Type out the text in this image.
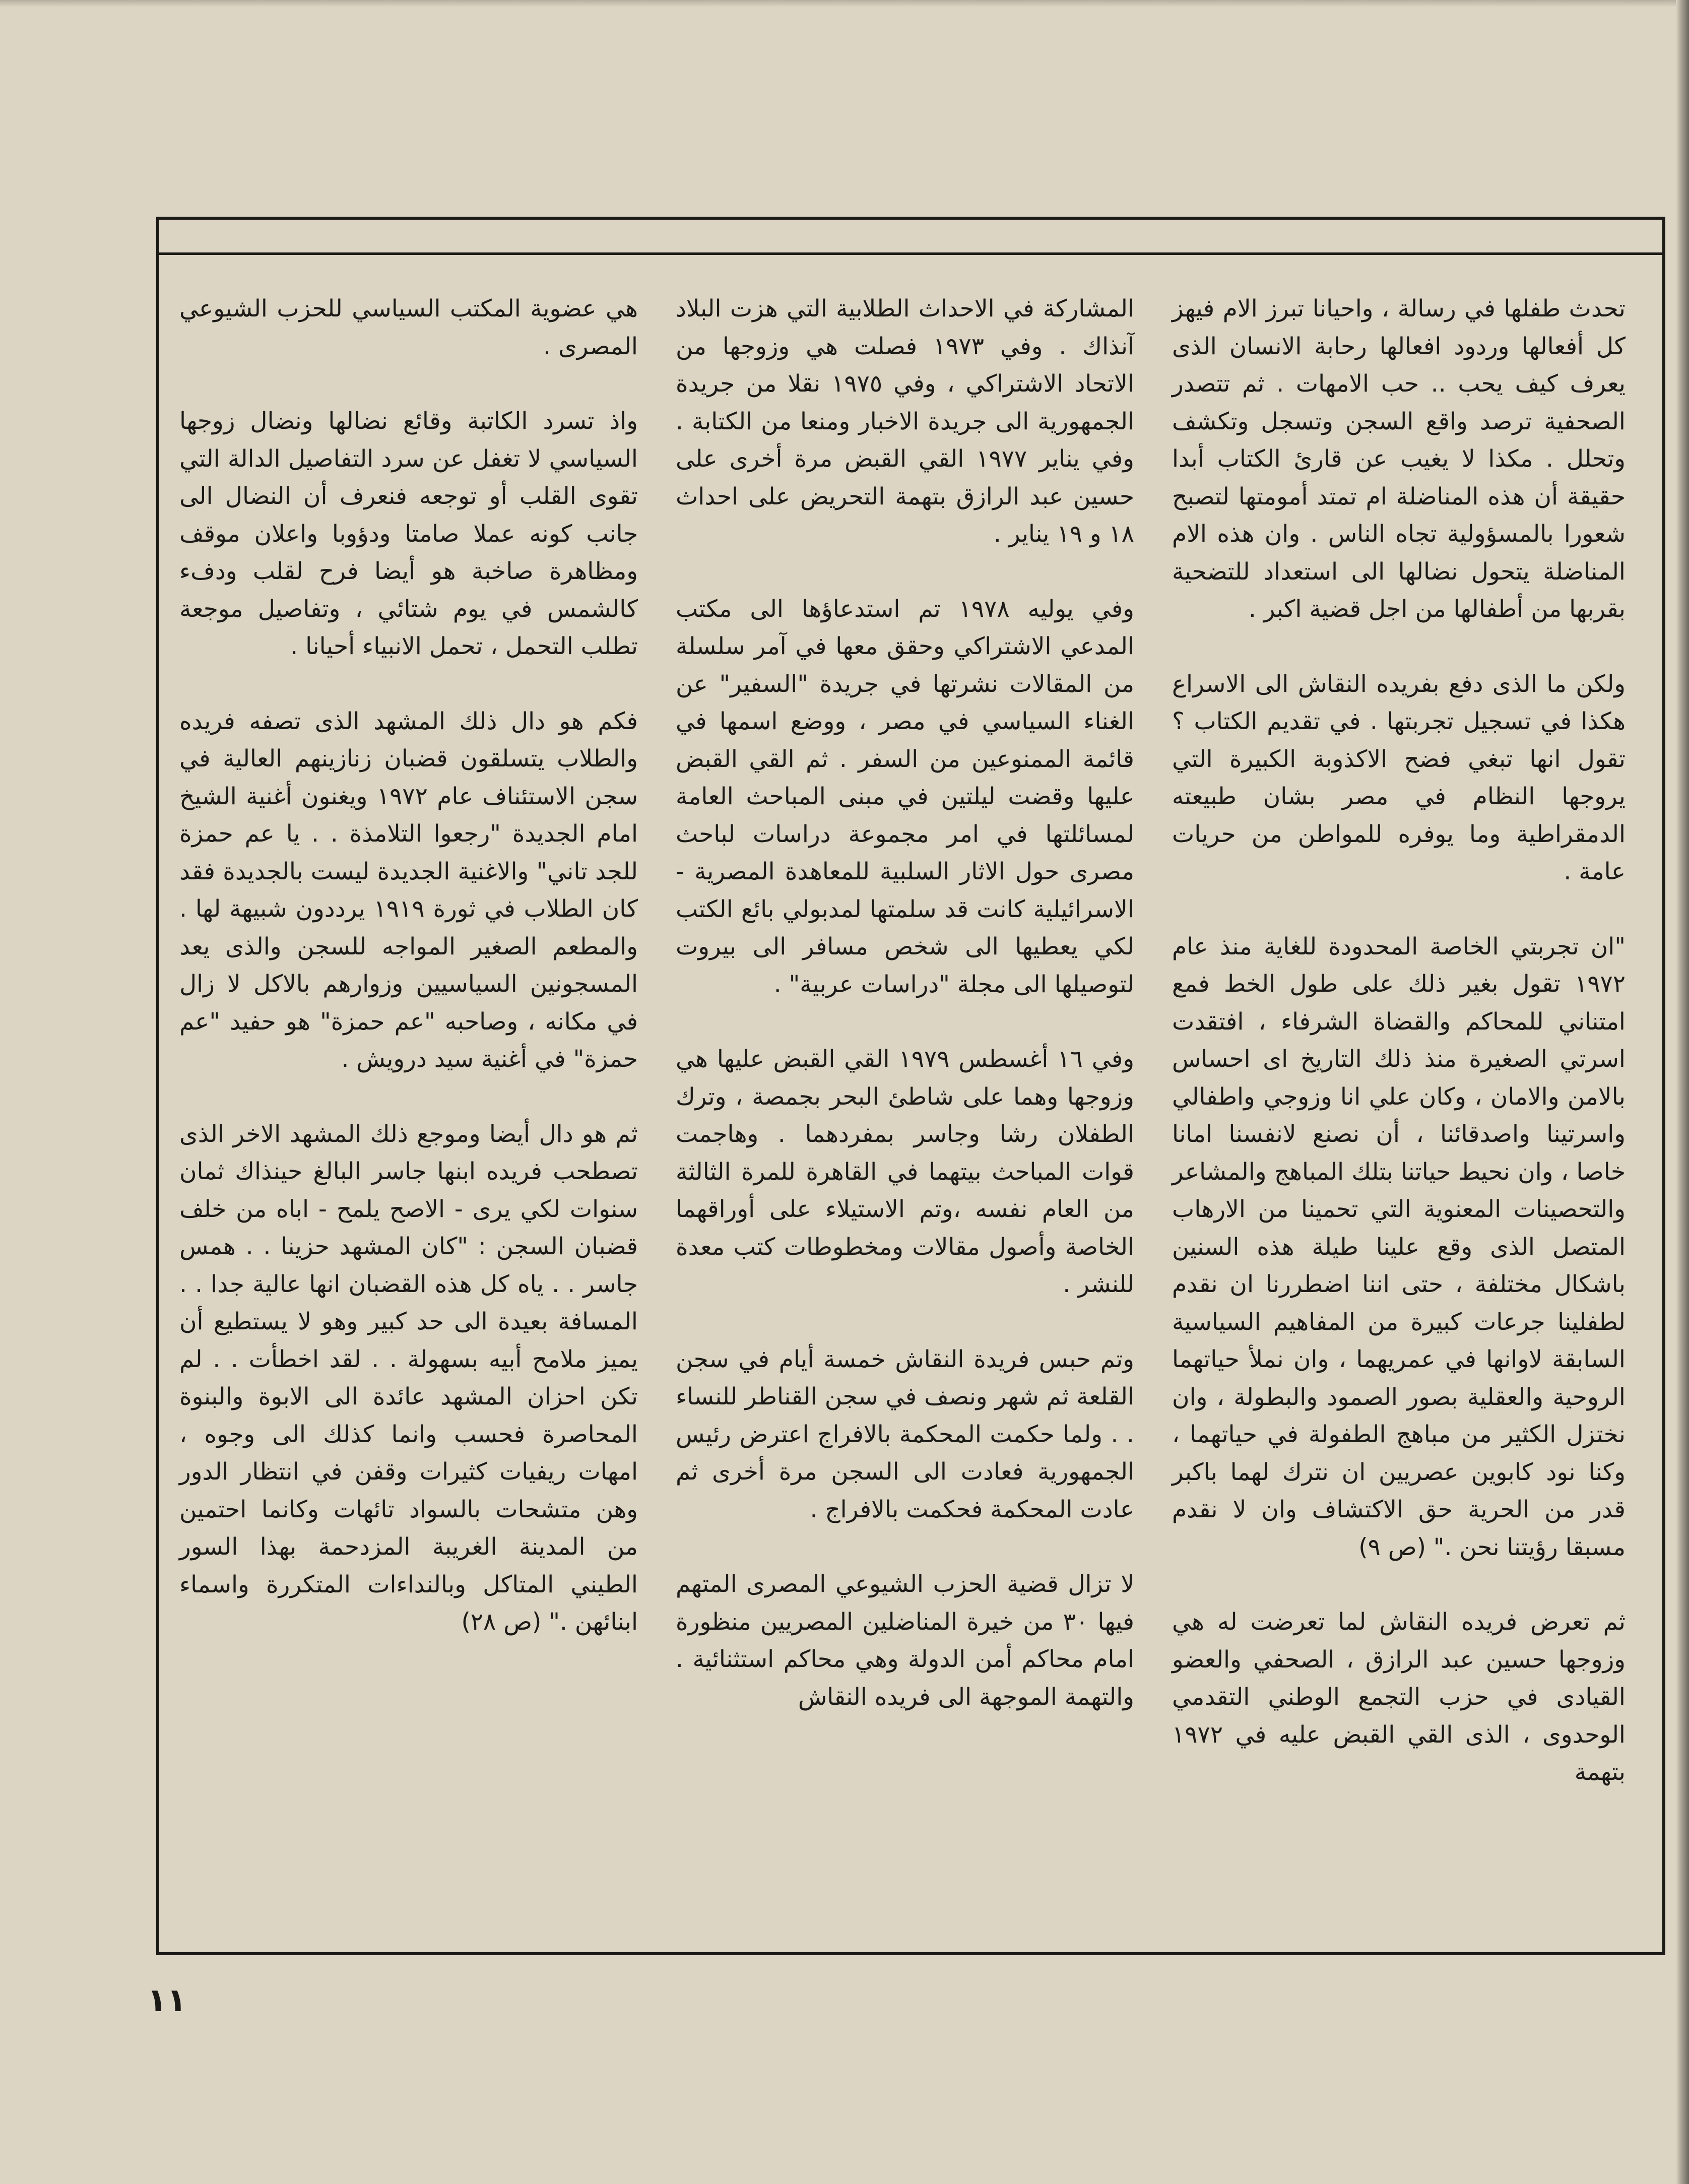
تحدث طفلها في رسالة ، واحيانا تبرز الام فيهز كل أفعالها وردود افعالها رحابة الانسان الذى يعرف كيف يحب .. حب الامهات . ثم تتصدر الصحفية ترصد واقع السجن وتسجل وتكشف وتحلل . مكذا لا يغيب عن قارئ الكتاب أبدا حقيقة أن هذه المناضلة ام تمتد أمومتها لتصبح شعورا بالمسؤولية تجاه الناس . وان هذه الام المناضلة يتحول نضالها الى استعداد للتضحية بقربها من أطفالها من اجل قضية اكبر .

ولكن ما الذى دفع بفريده النقاش الى الاسراع هكذا في تسجيل تجربتها . في تقديم الكتاب ؟تقول انها تبغي فضح الاكذوبة الكبيرة التي يروجها النظام في مصر بشان طبيعته الدمقراطية وما يوفره للمواطن من حريات عامة .

"ان تجربتي الخاصة المحدودة للغاية منذ عام ١٩٧٢ تقول بغير ذلك على طول الخط فمع امتناني للمحاكم والقضاة الشرفاء ، افتقدت اسرتي الصغيرة منذ ذلك التاريخ اى احساس بالامن والامان ، وكان علي انا وزوجي واطفالي واسرتينا واصدقائنا ، أن نصنع لانفسنا امانا خاصا ، وان نحيط حياتنا بتلك المباهج والمشاعر والتحصينات المعنوية التي تحمينا من الارهاب المتصل الذى وقع علينا طيلة هذه السنين باشكال مختلفة ، حتى اننا اضطررنا ان نقدم لطفلينا جرعات كبيرة من المفاهيم السياسية السابقة لاوانها في عمريهما ، وان نملأ حياتهما الروحية والعقلية بصور الصمود والبطولة ، وان نختزل الكثير من مباهج الطفولة في حياتهما ، وكنا نود كابوين عصريين ان نترك لهما باكبر قدر من الحرية حق الاكتشاف وان لا نقدم مسبقا رؤيتنا نحن ." (ص ٩)

ثم تعرض فريده النقاش لما تعرضت له هي وزوجها حسين عبد الرازق ، الصحفي والعضو القيادى في حزب التجمع الوطني التقدمي الوحدوى ، الذى القي القبض عليه في ١٩٧٢ بتهمة

المشاركة في الاحداث الطلابية التي هزت البلاد آنذاك . وفي ١٩٧٣ فصلت هي وزوجها من الاتحاد الاشتراكي ، وفي ١٩٧٥ نقلا من جريدة الجمهورية الى جريدة الاخبار ومنعا من الكتابة . وفي يناير ١٩٧٧ القي القبض مرة أخرى على حسين عبد الرازق بتهمة التحريض على احداث ١٨ و ١٩ يناير .

وفي يوليه ١٩٧٨ تم استدعاؤها الى مكتب المدعي الاشتراكي وحقق معها في آمر سلسلة من المقالات نشرتها في جريدة "السفير" عن الغناء السياسي في مصر ، ووضع اسمها في قائمة الممنوعين من السفر . ثم القي القبض عليها وقضت ليلتين في مبنى المباحث العامة لمسائلتها في امر مجموعة دراسات لباحث مصرى حول الاثار السلبية للمعاهدة المصرية - الاسرائيلية كانت قد سلمتها لمدبولي بائع الكتب لكي يعطيها الى شخص مسافر الى بيروت لتوصيلها الى مجلة "دراسات عربية" .

وفي ١٦ أغسطس ١٩٧٩ القي القبض عليها هي وزوجها وهما على شاطئ البحر بجمصة ، وترك الطفلان رشا وجاسر بمفردهما . وهاجمت قوات المباحث بيتهما في القاهرة للمرة الثالثة من العام نفسه ،وتم الاستيلاء على أوراقهما الخاصة وأصول مقالات ومخطوطات كتب معدة للنشر .

وتم حبس فريدة النقاش خمسة أيام في سجن القلعة ثم شهر ونصف في سجن القناطر للنساء . . ولما حكمت المحكمة بالافراج اعترض رئيس الجمهورية فعادت الى السجن مرة أخرى ثم عادت المحكمة فحكمت بالافراج .

لا تزال قضية الحزب الشيوعي المصرى المتهم فيها ٣٠ من خيرة المناضلين المصريين منظورة امام محاكم أمن الدولة وهي محاكم استثنائية . والتهمة الموجهة الى فريده النقاش

هي عضوية المكتب السياسي للحزب الشيوعي المصرى .

واذ تسرد الكاتبة وقائع نضالها ونضال زوجها السياسي لا تغفل عن سرد التفاصيل الدالة التي تقوى القلب أو توجعه فنعرف أن النضال الى جانب كونه عملا صامتا ودؤوبا واعلان موقف ومظاهرة صاخبة هو أيضا فرح لقلب ودفء كالشمس في يوم شتائي ، وتفاصيل موجعة تطلب التحمل ، تحمل الانبياء أحيانا .

فكم هو دال ذلك المشهد الذى تصفه فريده والطلاب يتسلقون قضبان زنازينهم العالية في سجن الاستئناف عام ١٩٧٢ ويغنون أغنية الشيخ امام الجديدة "رجعوا التلامذة . . يا عم حمزة للجد تاني" والاغنية الجديدة ليست بالجديدة فقد كان الطلاب في ثورة ١٩١٩ يرددون شبيهة لها . والمطعم الصغير المواجه للسجن والذى يعد المسجونين السياسيين وزوارهم بالاكل لا زال في مكانه ، وصاحبه "عم حمزة" هو حفيد "عم حمزة" في أغنية سيد درويش .

ثم هو دال أيضا وموجع ذلك المشهد الاخر الذى تصطحب فريده ابنها جاسر البالغ حينذاك ثمان سنوات لكي يرى - الاصح يلمح - اباه من خلف قضبان السجن : "كان المشهد حزينا . . همس جاسر . . ياه كل هذه القضبان انها عالية جدا . . المسافة بعيدة الى حد كبير وهو لا يستطيع أن يميز ملامح أبيه بسهولة . . لقد اخطأت . . لم تكن احزان المشهد عائدة الى الابوة والبنوة المحاصرة فحسب وانما كذلك الى وجوه ، امهات ريفيات كثيرات وقفن في انتظار الدور وهن متشحات بالسواد تائهات وكانما احتمين من المدينة الغريبة المزدحمة بهذا السور الطيني المتاكل وبالنداءات المتكررة واسماء ابنائهن ." (ص ٢٨)

١١
